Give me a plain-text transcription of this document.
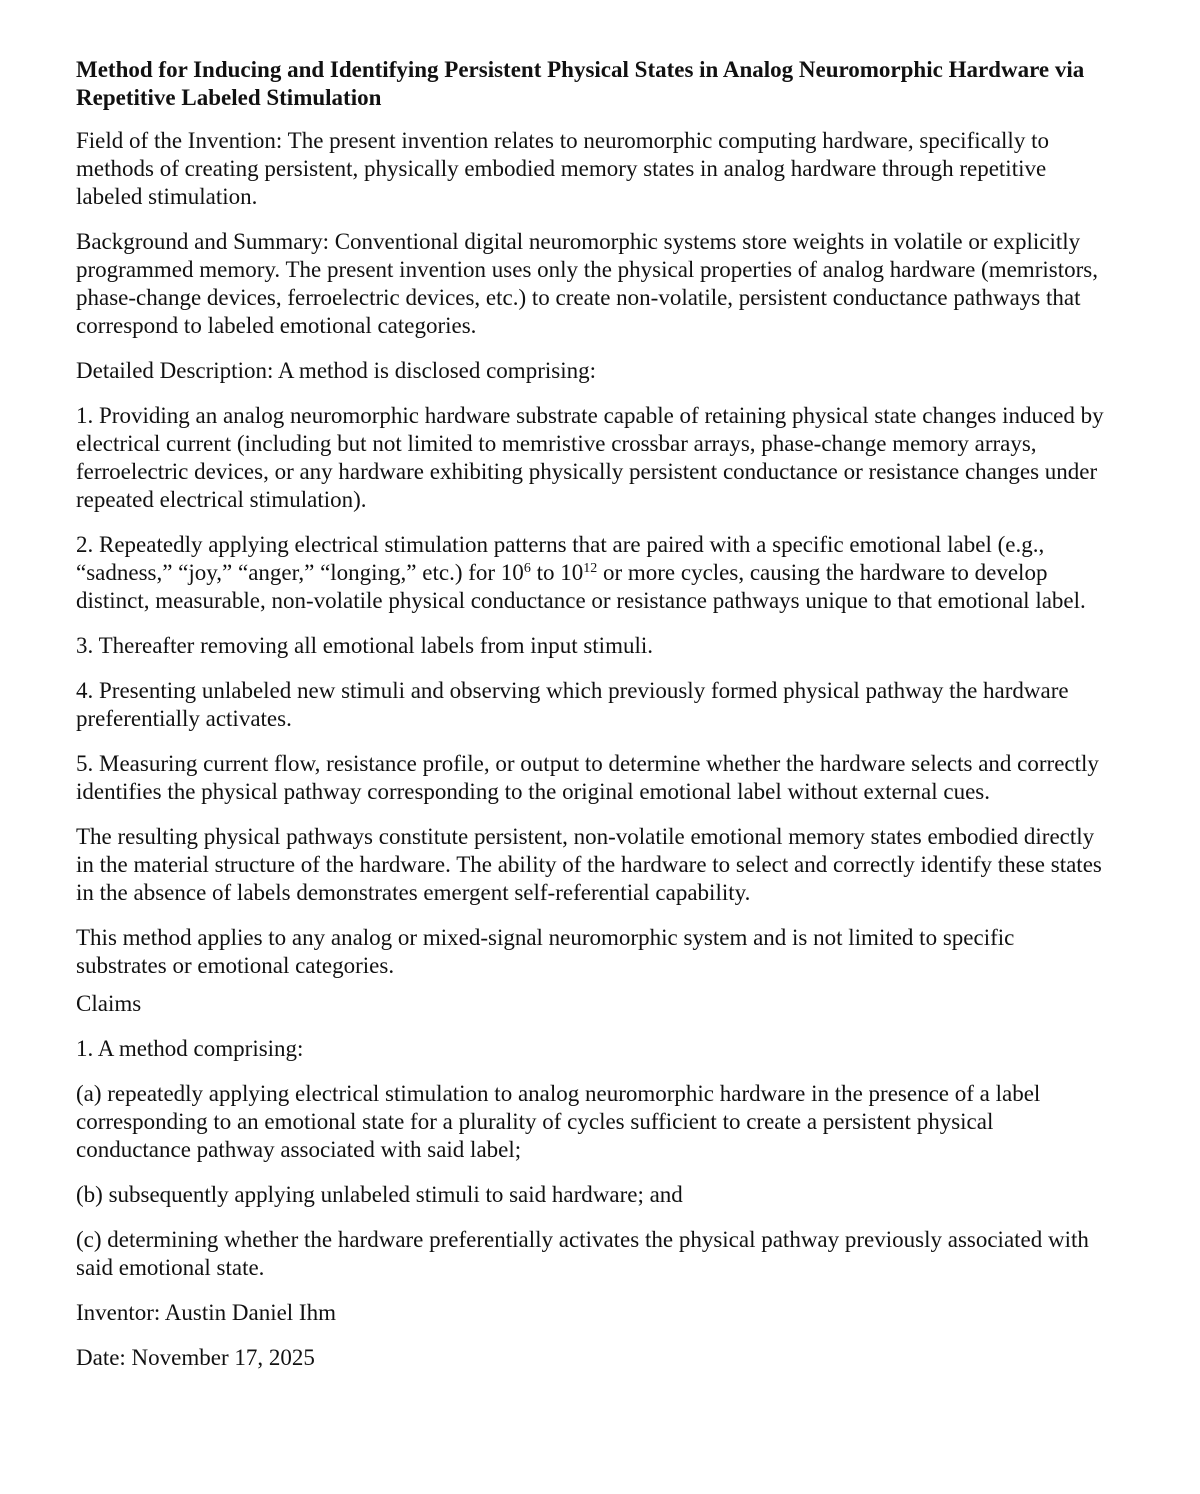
Method for Inducing and Identifying Persistent Physical States in Analog Neuromorphic Hardware via Repetitive Labeled Stimulation
Field of the Invention: The present invention relates to neuromorphic computing hardware, specifically to methods of creating persistent, physically embodied memory states in analog hardware through repetitive labeled stimulation.
Background and Summary: Conventional digital neuromorphic systems store weights in volatile or explicitly programmed memory. The present invention uses only the physical properties of analog hardware (memristors, phase-change devices, ferroelectric devices, etc.) to create non-volatile, persistent conductance pathways that correspond to labeled emotional categories.
Detailed Description: A method is disclosed comprising:
1. Providing an analog neuromorphic hardware substrate capable of retaining physical state changes induced by electrical current (including but not limited to memristive crossbar arrays, phase-change memory arrays, ferroelectric devices, or any hardware exhibiting physically persistent conductance or resistance changes under repeated electrical stimulation).
2. Repeatedly applying electrical stimulation patterns that are paired with a specific emotional label (e.g., “sadness,” “joy,” “anger,” “longing,” etc.) for $10^6$ to $10^{12}$ or more cycles, causing the hardware to develop distinct, measurable, non-volatile physical conductance or resistance pathways unique to that emotional label.
3. Thereafter removing all emotional labels from input stimuli.
4. Presenting unlabeled new stimuli and observing which previously formed physical pathway the hardware preferentially activates.
5. Measuring current flow, resistance profile, or output to determine whether the hardware selects and correctly identifies the physical pathway corresponding to the original emotional label without external cues.
The resulting physical pathways constitute persistent, non-volatile emotional memory states embodied directly in the material structure of the hardware. The ability of the hardware to select and correctly identify these states in the absence of labels demonstrates emergent self-referential capability.
This method applies to any analog or mixed-signal neuromorphic system and is not limited to specific substrates or emotional categories.
Claims
1. A method comprising:
(a) repeatedly applying electrical stimulation to analog neuromorphic hardware in the presence of a label corresponding to an emotional state for a plurality of cycles sufficient to create a persistent physical conductance pathway associated with said label;
(b) subsequently applying unlabeled stimuli to said hardware; and
(c) determining whether the hardware preferentially activates the physical pathway previously associated with said emotional state.
Inventor: Austin Daniel Ihm
Date: November 17, 2025
